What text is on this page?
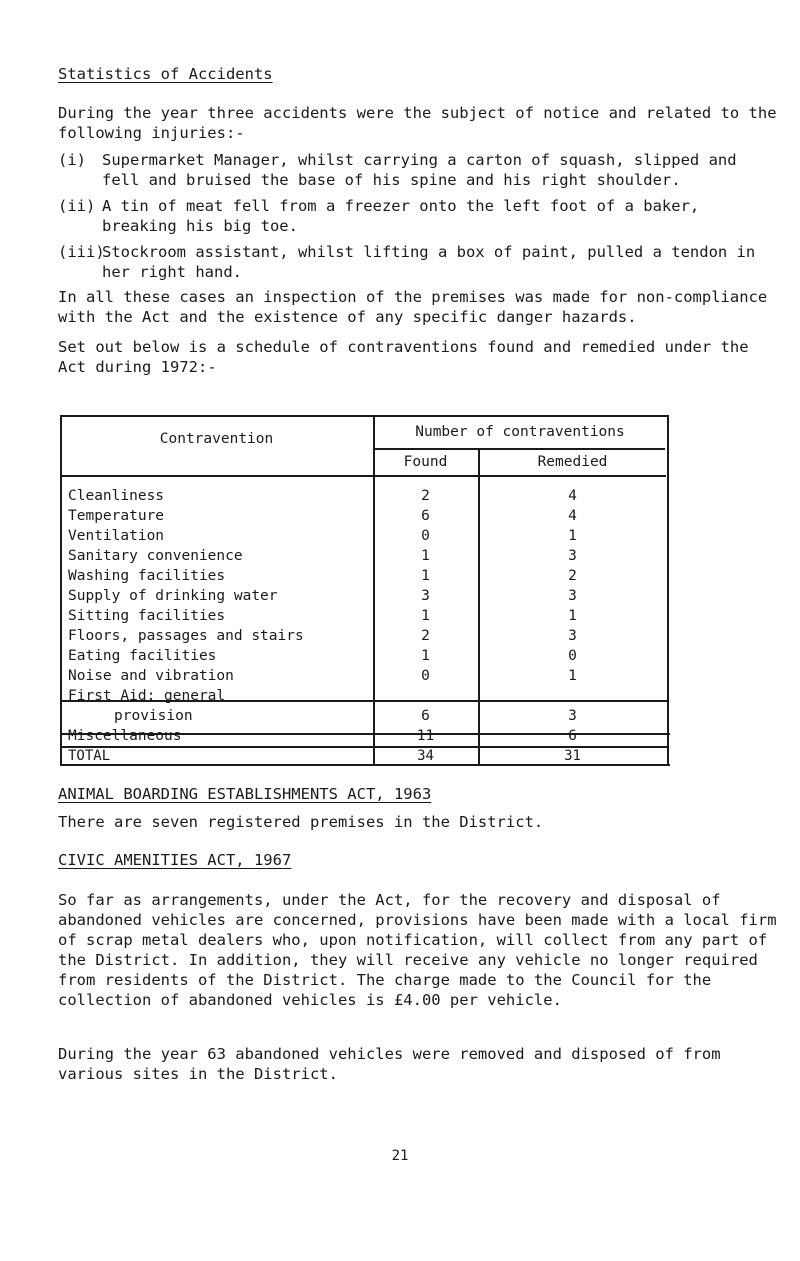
Statistics of Accidents
During the year three accidents were the subject of notice and related to the following injuries:-
(i) Supermarket Manager, whilst carrying a carton of squash, slipped and fell and bruised the base of his spine and his right shoulder.
(ii) A tin of meat fell from a freezer onto the left foot of a baker, breaking his big toe.
(iii)
Stockroom assistant, whilst lifting a box of paint, pulled a tendon in her right hand.
In all these cases an inspection of the premises was made for non-compliance with the Act and the existence of any specific danger hazards.
Set out below is a schedule of contraventions found and remedied under the Act during 1972:-
Contravention	Number of contraventions
Found	Remedied
Cleanliness	2	4
Temperature	6	4
Ventilation	0	1
Sanitary convenience	1	3
Washing facilities	1	2
Supply of drinking water	3	3
Sitting facilities	1	1
Floors, passages and stairs	2	3
Eating facilities	1	0
Noise and vibration	0	1
First Aid: general
provision	6	3
Miscellaneous	11	6
TOTAL	34	31
ANIMAL BOARDING ESTABLISHMENTS ACT, 1963
There are seven registered premises in the District.
CIVIC AMENITIES ACT, 1967
So far as arrangements, under the Act, for the recovery and disposal of abandoned vehicles are concerned, provisions have been made with a local firm of scrap metal dealers who, upon notification, will collect from any part of the District. In addition, they will receive any vehicle no longer required from residents of the District. The charge made to the Council for the collection of abandoned vehicles is £4.00 per vehicle.
During the year 63 abandoned vehicles were removed and disposed of from various sites in the District.
21
